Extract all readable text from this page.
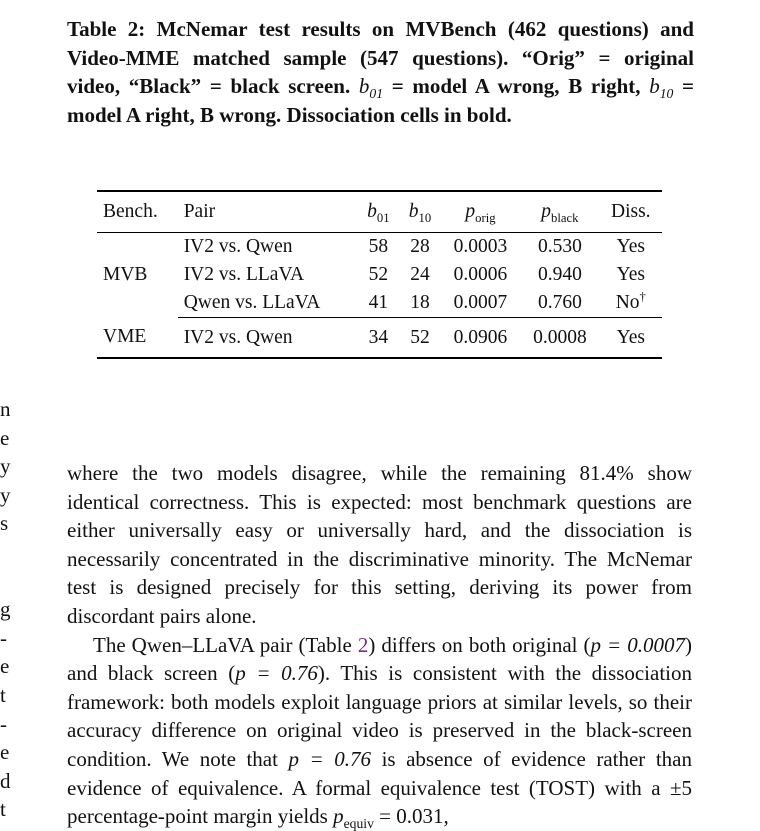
Table 2: McNemar test results on MVBench (462 questions) and Video-MME matched sample (547 questions). “Orig” = original video, “Black” = black screen. $b_{01}$ = model A wrong, B right, $b_{10}$ = model A right, B wrong. Dissociation cells in bold.
Bench.	Pair	$b_{01}$	$b_{10}$	$p_{orig}$	$p_{black}$	Diss.
MVB	IV2 vs. Qwen	58	28	0.0003	0.530	Yes
	IV2 vs. LLaVA	52	24	0.0006	0.940	Yes
	Qwen vs. LLaVA	41	18	0.0007	0.760	No†
VME	IV2 vs. Qwen	34	52	0.0906	0.0008	Yes
n
e
y
y
s

g
-
e
t
-
e
d
t

where the two models disagree, while the remaining 81.4% show identical correctness. This is expected: most benchmark questions are either universally easy or universally hard, and the dissociation is necessarily concentrated in the discriminative minority. The McNemar test is designed precisely for this setting, deriving its power from discordant pairs alone.

The Qwen–LLaVA pair (Table 2) differs on both original (p = 0.0007) and black screen (p = 0.76). This is consistent with the dissociation framework: both models exploit language priors at similar levels, so their accuracy difference on original video is preserved in the black-screen condition. We note that p = 0.76 is absence of evidence rather than evidence of equivalence. A formal equivalence test (TOST) with a ±5 percentage-point margin yields $p_{equiv} = 0.031$,
